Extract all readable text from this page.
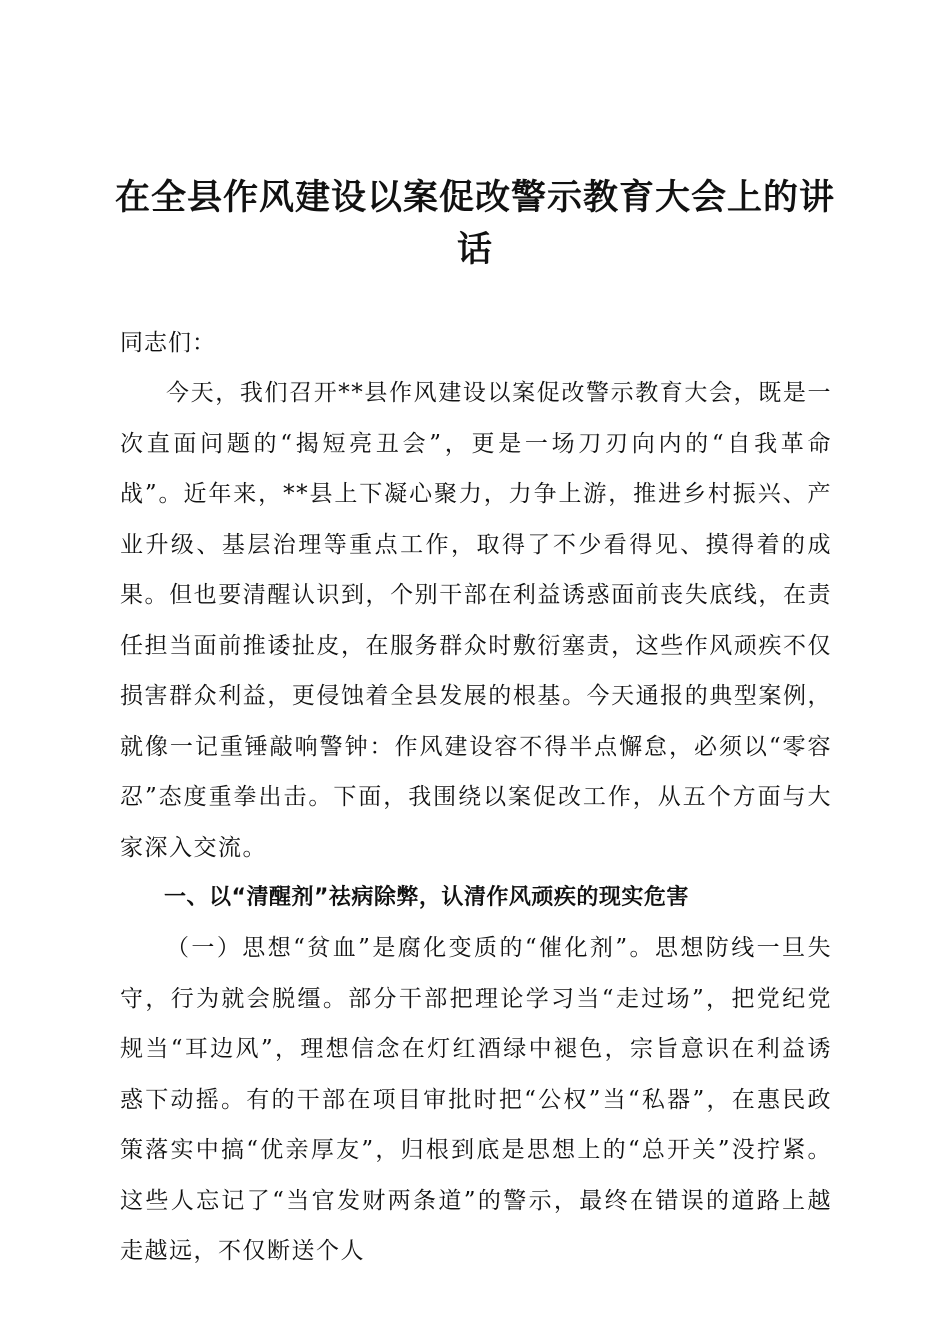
在全县作风建设以案促改警示教育大会上的讲话

同志们：

今天，我们召开**县作风建设以案促改警示教育大会，既是一次直面问题的“揭短亮丑会”，更是一场刀刃向内的“自我革命战”。近年来，**县上下凝心聚力，力争上游，推进乡村振兴、产业升级、基层治理等重点工作，取得了不少看得见、摸得着的成果。但也要清醒认识到，个别干部在利益诱惑面前丧失底线，在责任担当面前推诿扯皮，在服务群众时敷衍塞责，这些作风顽疾不仅损害群众利益，更侵蚀着全县发展的根基。今天通报的典型案例，就像一记重锤敲响警钟：作风建设容不得半点懈怠，必须以“零容忍”态度重拳出击。下面，我围绕以案促改工作，从五个方面与大家深入交流。

一、以“清醒剂”祛病除弊，认清作风顽疾的现实危害

（一）思想“贫血”是腐化变质的“催化剂”。思想防线一旦失守，行为就会脱缰。部分干部把理论学习当“走过场”，把党纪党规当“耳边风”，理想信念在灯红酒绿中褪色，宗旨意识在利益诱惑下动摇。有的干部在项目审批时把“公权”当“私器”，在惠民政策落实中搞“优亲厚友”，归根到底是思想上的“总开关”没拧紧。这些人忘记了“当官发财两条道”的警示，最终在错误的道路上越走越远，不仅断送个人
